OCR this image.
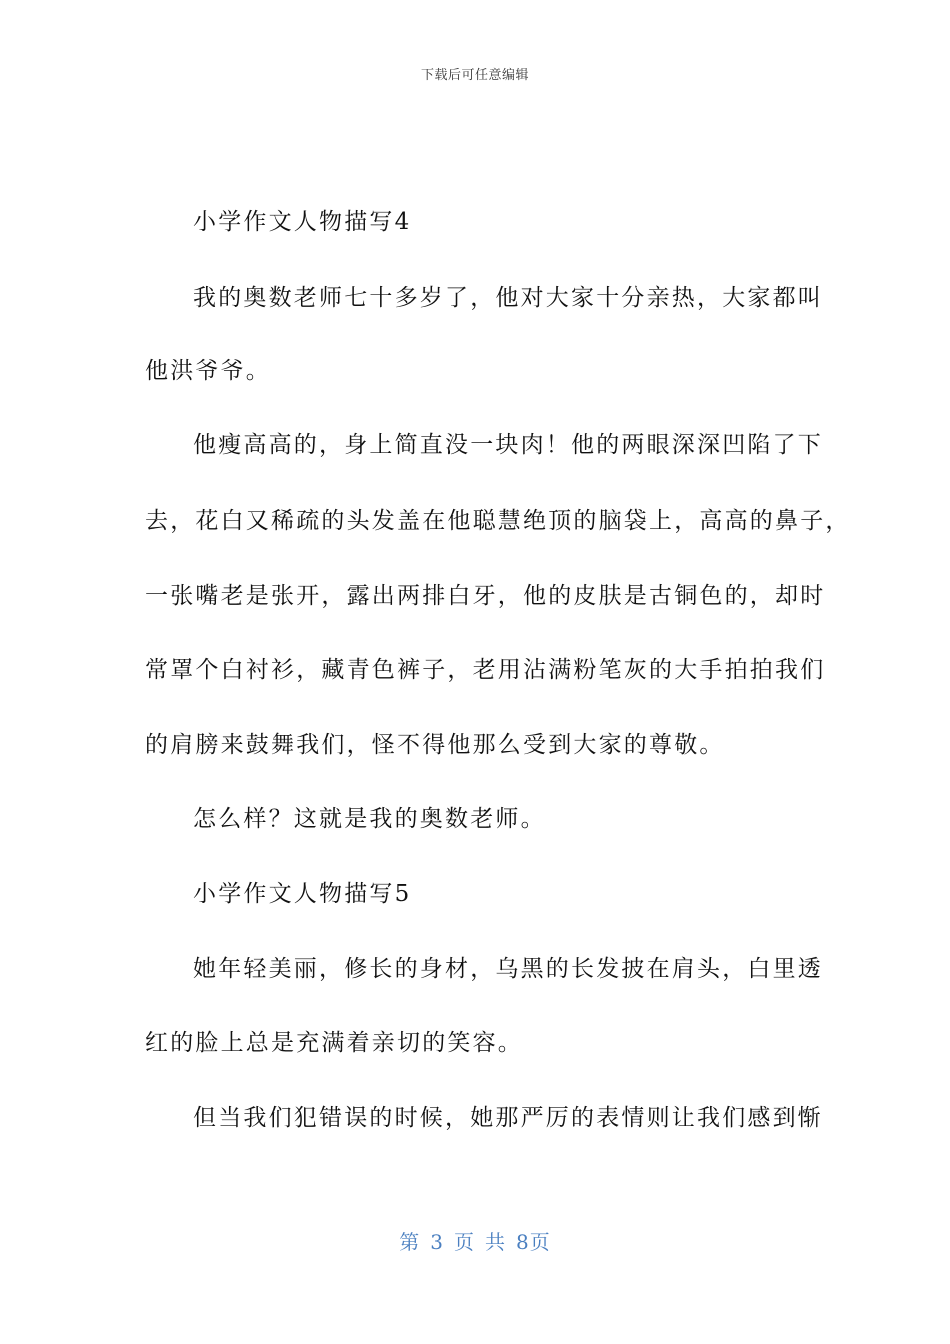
下载后可任意编辑
小学作文人物描写4
我的奥数老师七十多岁了，他对大家十分亲热，大家都叫
他洪爷爷。
他瘦高高的，身上简直没一块肉！他的两眼深深凹陷了下
去，花白又稀疏的头发盖在他聪慧绝顶的脑袋上，高高的鼻子，
一张嘴老是张开，露出两排白牙，他的皮肤是古铜色的，却时
常罩个白衬衫，藏青色裤子，老用沾满粉笔灰的大手拍拍我们
的肩膀来鼓舞我们，怪不得他那么受到大家的尊敬。
怎么样？这就是我的奥数老师。
小学作文人物描写5
她年轻美丽，修长的身材，乌黑的长发披在肩头，白里透
红的脸上总是充满着亲切的笑容。
但当我们犯错误的时候，她那严厉的表情则让我们感到惭
第 3 页 共 8页
